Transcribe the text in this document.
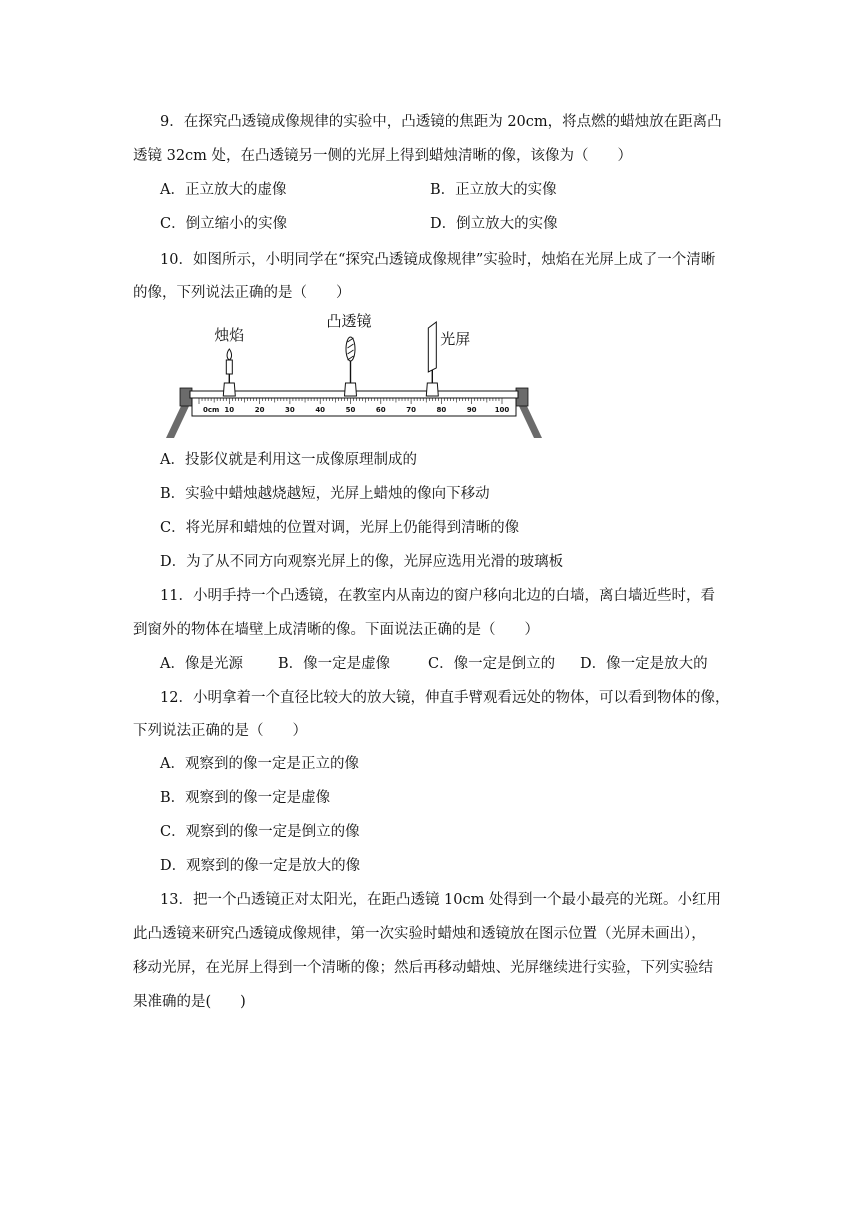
9．在探究凸透镜成像规律的实验中，凸透镜的焦距为 20cm，将点燃的蜡烛放在距离凸
透镜 32cm 处，在凸透镜另一侧的光屏上得到蜡烛清晰的像，该像为（　　）
A．正立放大的虚像	B．正立放大的实像
C．倒立缩小的实像	D．倒立放大的实像
10．如图所示，小明同学在“探究凸透镜成像规律”实验时，烛焰在光屏上成了一个清晰
的像，下列说法正确的是（　　）
0cm 10	20	30	40	50	60	70	80	90	100
烛焰
凸透镜
光屏
A．投影仪就是利用这一成像原理制成的
B．实验中蜡烛越烧越短，光屏上蜡烛的像向下移动
C．将光屏和蜡烛的位置对调，光屏上仍能得到清晰的像
D．为了从不同方向观察光屏上的像，光屏应选用光滑的玻璃板
11．小明手持一个凸透镜，在教室内从南边的窗户移向北边的白墙，离白墙近些时，看
到窗外的物体在墙壁上成清晰的像。下面说法正确的是（　　）
A．像是光源 B．像一定是虚像	C．像一定是倒立的 D．像一定是放大的
12．小明拿着一个直径比较大的放大镜，伸直手臂观看远处的物体，可以看到物体的像，
下列说法正确的是（　　）
A．观察到的像一定是正立的像
B．观察到的像一定是虚像
C．观察到的像一定是倒立的像
D．观察到的像一定是放大的像
13．把一个凸透镜正对太阳光，在距凸透镜 10cm 处得到一个最小最亮的光斑。小红用
此凸透镜来研究凸透镜成像规律，第一次实验时蜡烛和透镜放在图示位置（光屏未画出），
移动光屏，在光屏上得到一个清晰的像；然后再移动蜡烛、光屏继续进行实验，下列实验结
果准确的是(　　)
